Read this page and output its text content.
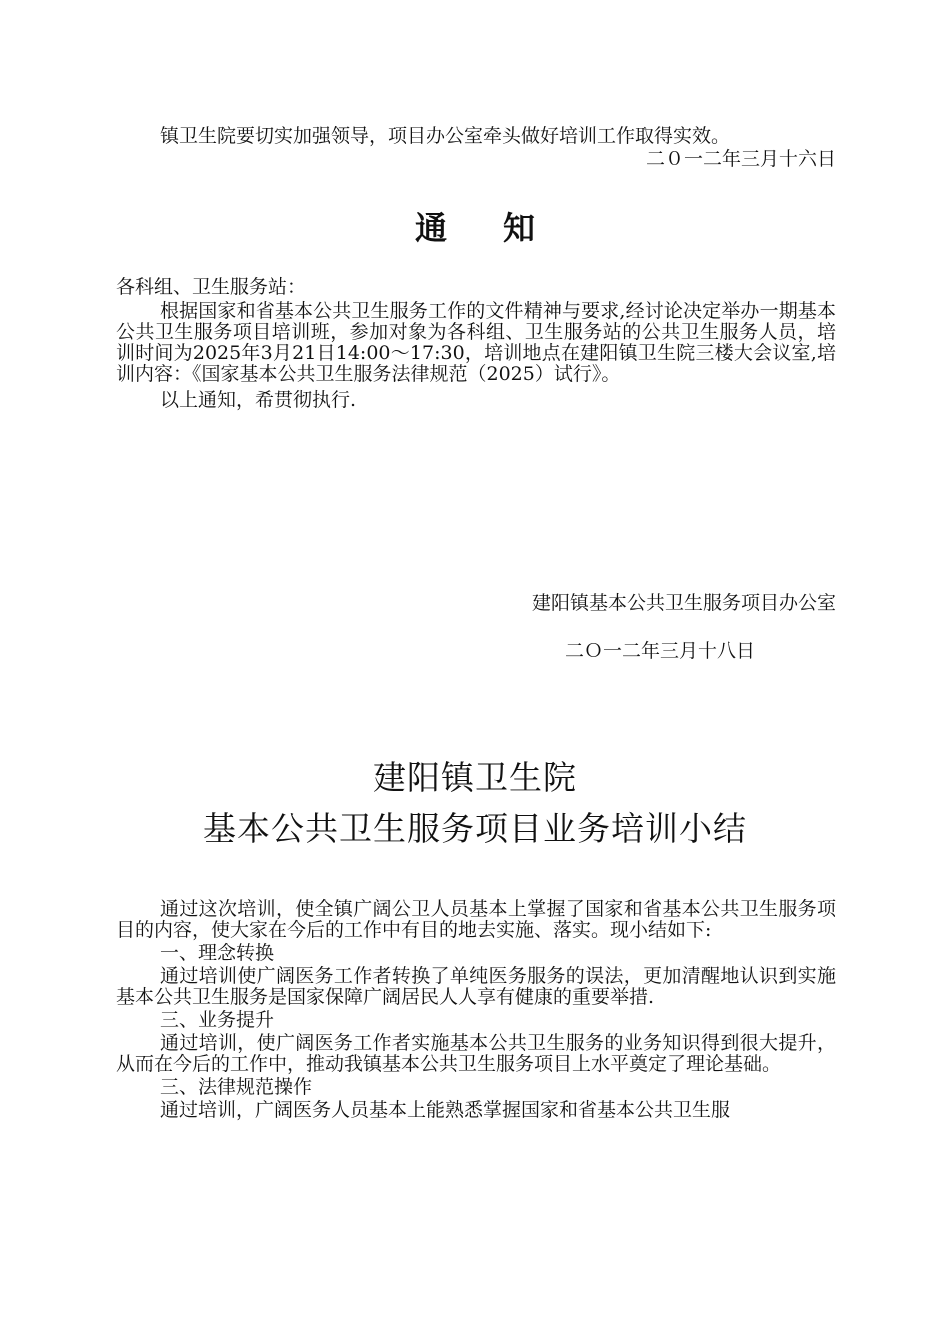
镇卫生院要切实加强领导，项目办公室牵头做好培训工作取得实效。

二０一二年三月十六日

通知

各科组、卫生服务站：

根据国家和省基本公共卫生服务工作的文件精神与要求,经讨论决定举办一期基本公共卫生服务项目培训班，参加对象为各科组、卫生服务站的公共卫生服务人员，培训时间为2025年3月21日14:00～17:30，培训地点在建阳镇卫生院三楼大会议室,培训内容：《国家基本公共卫生服务法律规范（2025）试行》。

以上通知，希贯彻执行.

建阳镇基本公共卫生服务项目办公室
二Ｏ一二年三月十八日
建阳镇卫生院
基本公共卫生服务项目业务培训小结

通过这次培训，使全镇广阔公卫人员基本上掌握了国家和省基本公共卫生服务项目的内容，使大家在今后的工作中有目的地去实施、落实。现小结如下:

一、理念转换

通过培训使广阔医务工作者转换了单纯医务服务的误法，更加清醒地认识到实施基本公共卫生服务是国家保障广阔居民人人享有健康的重要举措.

三、业务提升

通过培训，使广阔医务工作者实施基本公共卫生服务的业务知识得到很大提升，从而在今后的工作中，推动我镇基本公共卫生服务项目上水平奠定了理论基础。

三、法律规范操作

通过培训，广阔医务人员基本上能熟悉掌握国家和省基本公共卫生服
